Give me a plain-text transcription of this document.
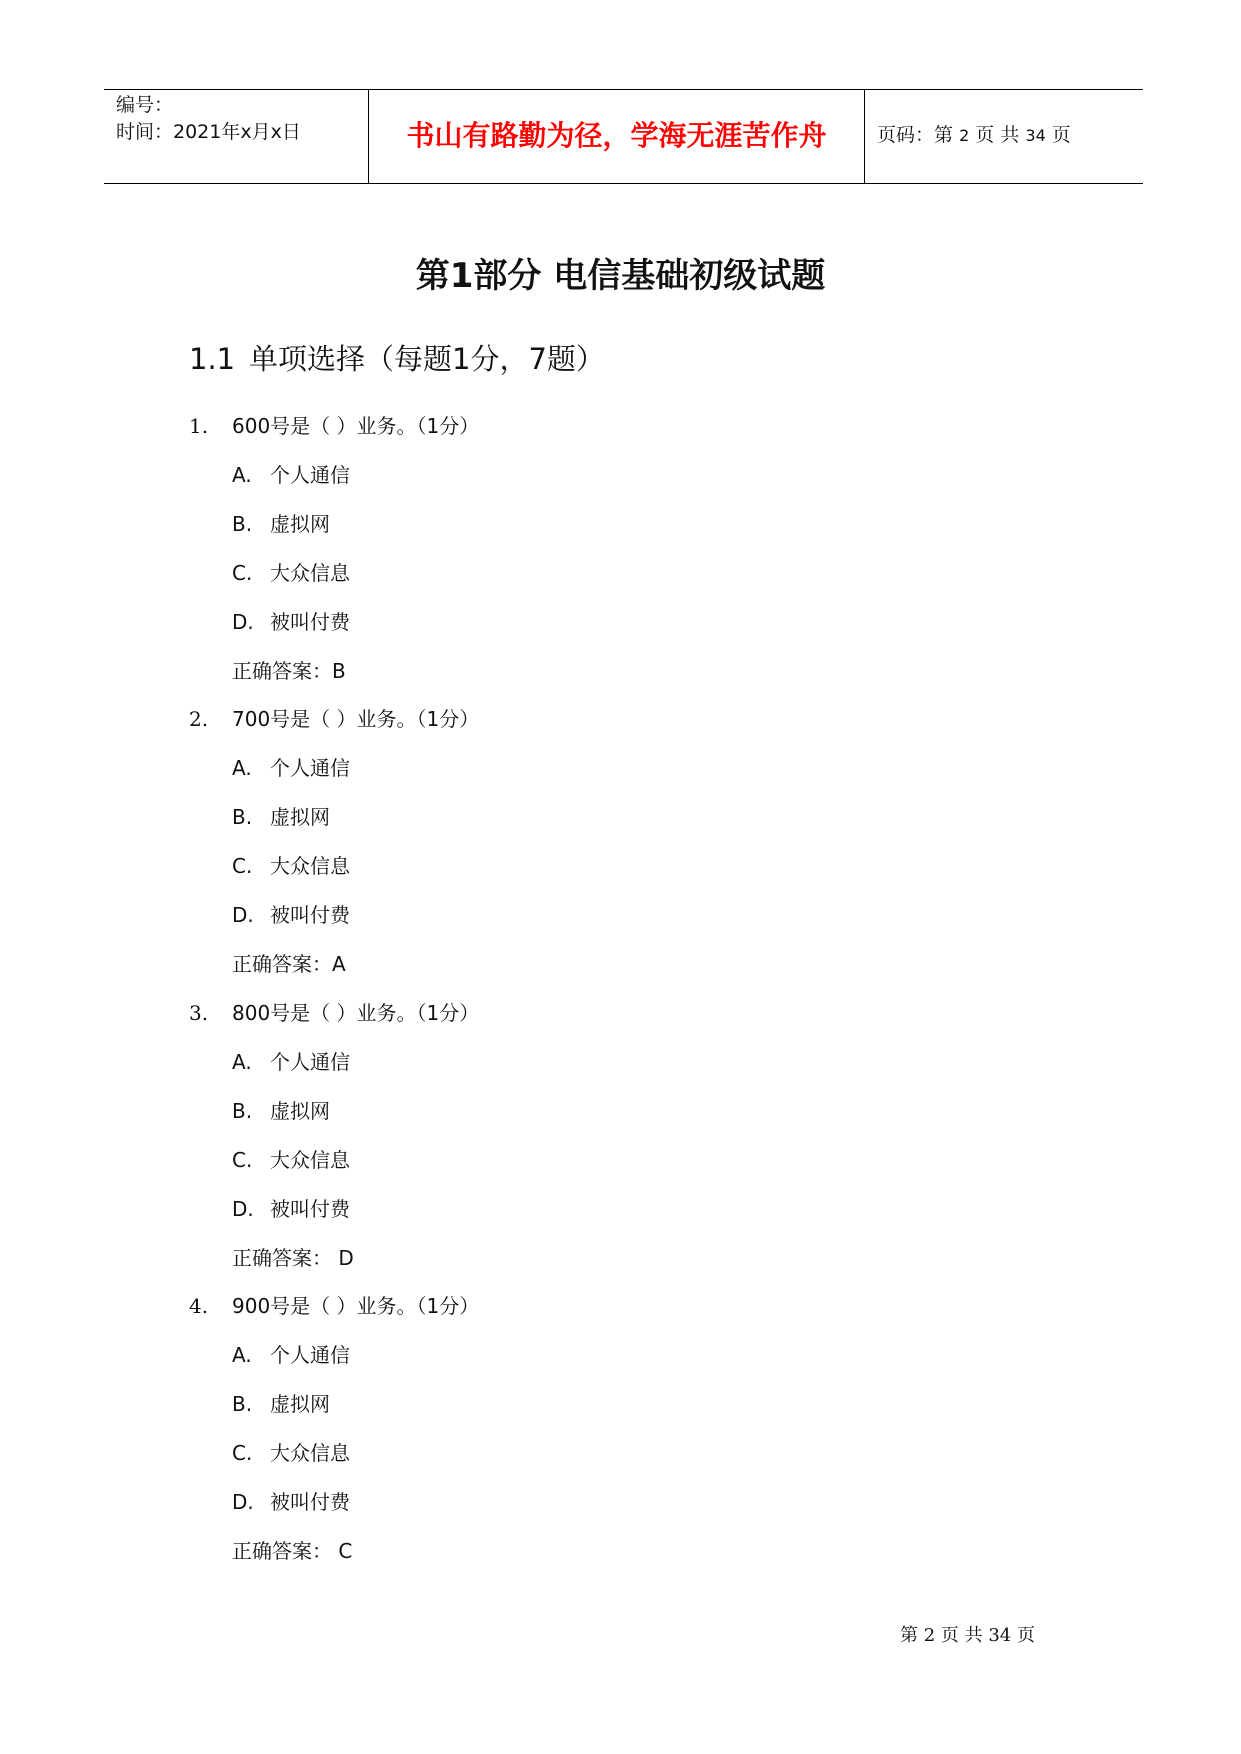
编号：
时间：2021年x月x日	书山有路勤为径，学海无涯苦作舟	页码：第 2 页 共 34 页
第1部分 电信基础初级试题
1.1 单项选择（每题1分，7题）
1. 600号是（ ）业务。（1分）
A. 个人通信
B. 虚拟网
C. 大众信息
D. 被叫付费
正确答案：B
2. 700号是（ ）业务。（1分）
A. 个人通信
B. 虚拟网
C. 大众信息
D. 被叫付费
正确答案：A
3. 800号是（ ）业务。（1分）
A. 个人通信
B. 虚拟网
C. 大众信息
D. 被叫付费
正确答案： D
4. 900号是（ ）业务。（1分）
A. 个人通信
B. 虚拟网
C. 大众信息
D. 被叫付费
正确答案： C
第 2 页 共 34 页
